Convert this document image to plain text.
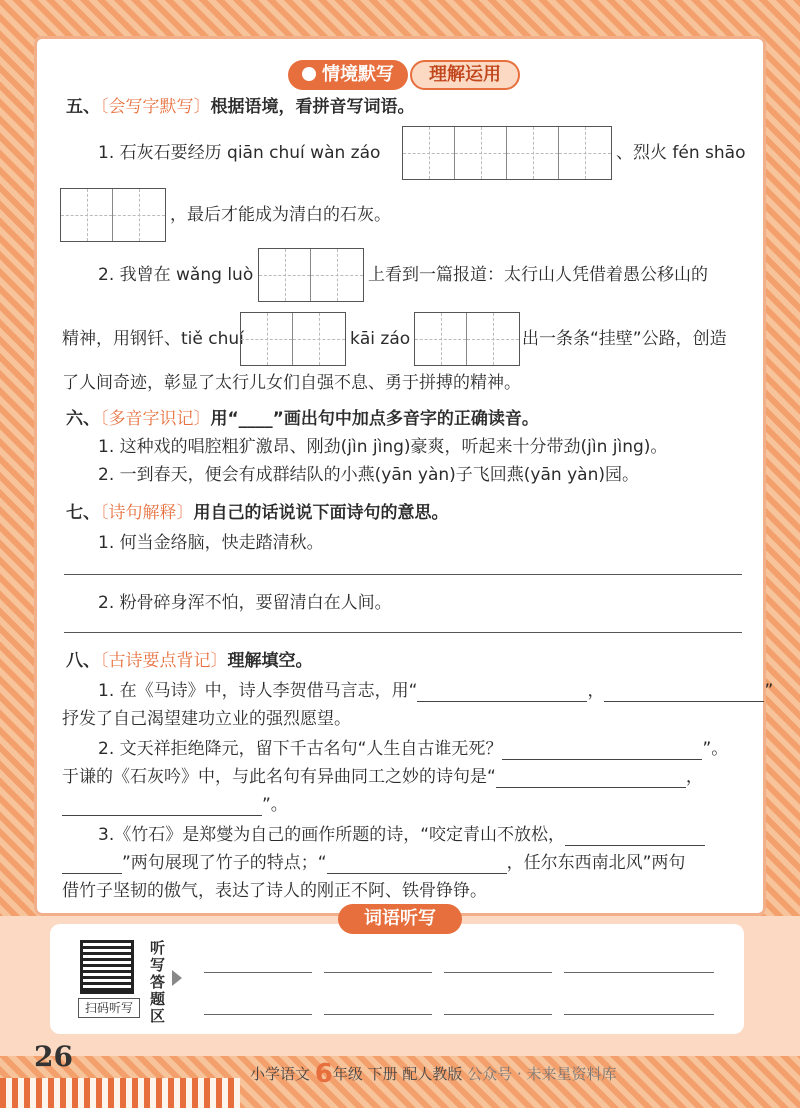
情境默写	理解运用
五、〔会写字默写〕根据语境，看拼音写词语。
1. 石灰石要经历 qiān chuí wàn záo	、烈火 fén shāo
，最后才能成为清白的石灰。
2. 我曾在 wǎng luò	上看到一篇报道：太行山人凭借着愚公移山的
精神，用钢钎、tiě chuí	kāi záo	出一条条“挂壁”公路，创造
了人间奇迹，彰显了太行儿女们自强不息、勇于拼搏的精神。
六、〔多音字识记〕用“____”画出句中加点多音字的正确读音。
1. 这种戏的唱腔粗犷激昂、刚劲(jìn jìng)豪爽，听起来十分带劲(jìn jìng)。
2. 一到春天，便会有成群结队的小燕(yān yàn)子飞回燕(yān yàn)园。
七、〔诗句解释〕用自己的话说说下面诗句的意思。
1. 何当金络脑，快走踏清秋。
2. 粉骨碎身浑不怕，要留清白在人间。
八、〔古诗要点背记〕理解填空。
1. 在《马诗》中，诗人李贺借马言志，用“	，	”
抒发了自己渴望建功立业的强烈愿望。
2. 文天祥拒绝降元，留下千古名句“人生自古谁无死？	”。
于谦的《石灰吟》中，与此名句有异曲同工之妙的诗句是“	，
”。
3.《竹石》是郑燮为自己的画作所题的诗，“咬定青山不放松，
”两句展现了竹子的特点；“	，任尔东西南北风”两句
借竹子坚韧的傲气，表达了诗人的刚正不阿、铁骨铮铮。
词语听写
扫码听写
听写答题区
26
小学语文 6年级 下册 配人教版 公众号 · 未来星资料库
